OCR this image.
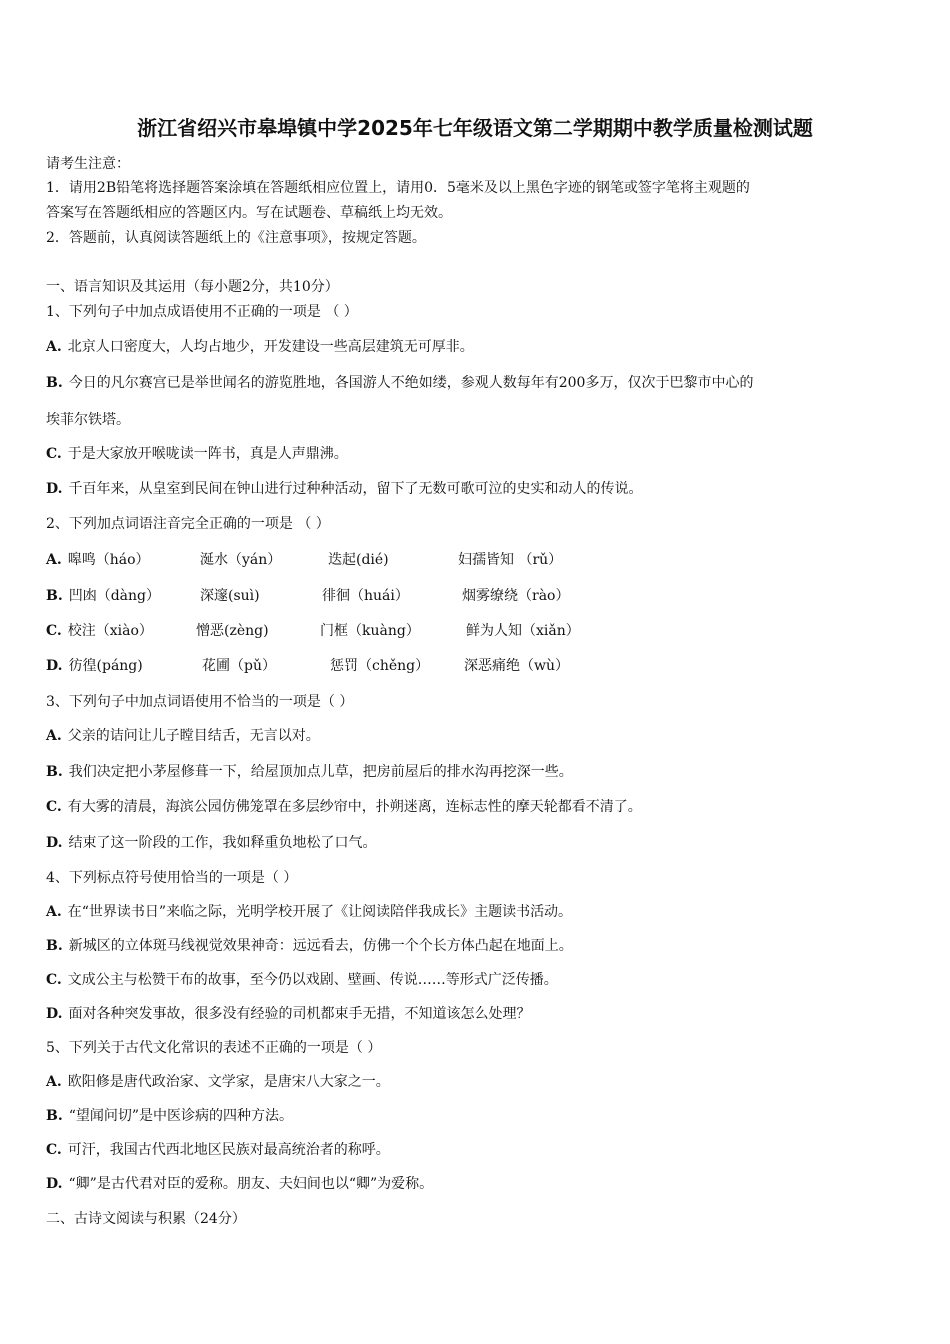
浙江省绍兴市皋埠镇中学2025年七年级语文第二学期期中教学质量检测试题
请考生注意：
1．请用2B铅笔将选择题答案涂填在答题纸相应位置上，请用0．5毫米及以上黑色字迹的钢笔或签字笔将主观题的
答案写在答题纸相应的答题区内。写在试题卷、草稿纸上均无效。
2．答题前，认真阅读答题纸上的《注意事项》，按规定答题。
一、语言知识及其运用（每小题2分，共10分）
1、下列句子中加点成语使用不正确的一项是 （ ）
A. 北京人口密度大，人均占地少，开发建设一些高层建筑无可厚非。
B. 今日的凡尔赛宫已是举世闻名的游览胜地，各国游人不绝如缕，参观人数每年有200多万，仅次于巴黎市中心的
埃菲尔铁塔。
C. 于是大家放开喉咙读一阵书，真是人声鼎沸。
D. 千百年来，从皇室到民间在钟山进行过种种活动，留下了无数可歌可泣的史实和动人的传说。
2、下列加点词语注音完全正确的一项是 （ ）
A. 嗥鸣（háo）	涎水（yán）	迭起(dié)	妇孺皆知 （rǔ）
B. 凹凼（dàng）	深邃(suì)	徘徊（huái）	烟雾缭绕（rào）
C. 校注（xiào）	憎恶(zèng)	门框（kuàng）	鲜为人知（xiǎn）
D. 彷徨(páng)	花圃（pǔ）	惩罚（chěng） 深恶痛绝（wù）
3、下列句子中加点词语使用不恰当的一项是（ ）
A. 父亲的诘问让儿子瞠目结舌，无言以对。
B. 我们决定把小茅屋修葺一下，给屋顶加点儿草，把房前屋后的排水沟再挖深一些。
C. 有大雾的清晨，海滨公园仿佛笼罩在多层纱帘中，扑朔迷离，连标志性的摩天轮都看不清了。
D. 结束了这一阶段的工作，我如释重负地松了口气。
4、下列标点符号使用恰当的一项是（ ）
A. 在“世界读书日”来临之际，光明学校开展了《让阅读陪伴我成长》主题读书活动。
B. 新城区的立体斑马线视觉效果神奇：远远看去，仿佛一个个长方体凸起在地面上。
C. 文成公主与松赞干布的故事，至今仍以戏剧、壁画、传说……等形式广泛传播。
D. 面对各种突发事故，很多没有经验的司机都束手无措，不知道该怎么处理？
5、下列关于古代文化常识的表述不正确的一项是（ ）
A. 欧阳修是唐代政治家、文学家，是唐宋八大家之一。
B. “望闻问切”是中医诊病的四种方法。
C. 可汗，我国古代西北地区民族对最高统治者的称呼。
D. “卿”是古代君对臣的爱称。朋友、夫妇间也以“卿”为爱称。
二、古诗文阅读与积累（24分）
